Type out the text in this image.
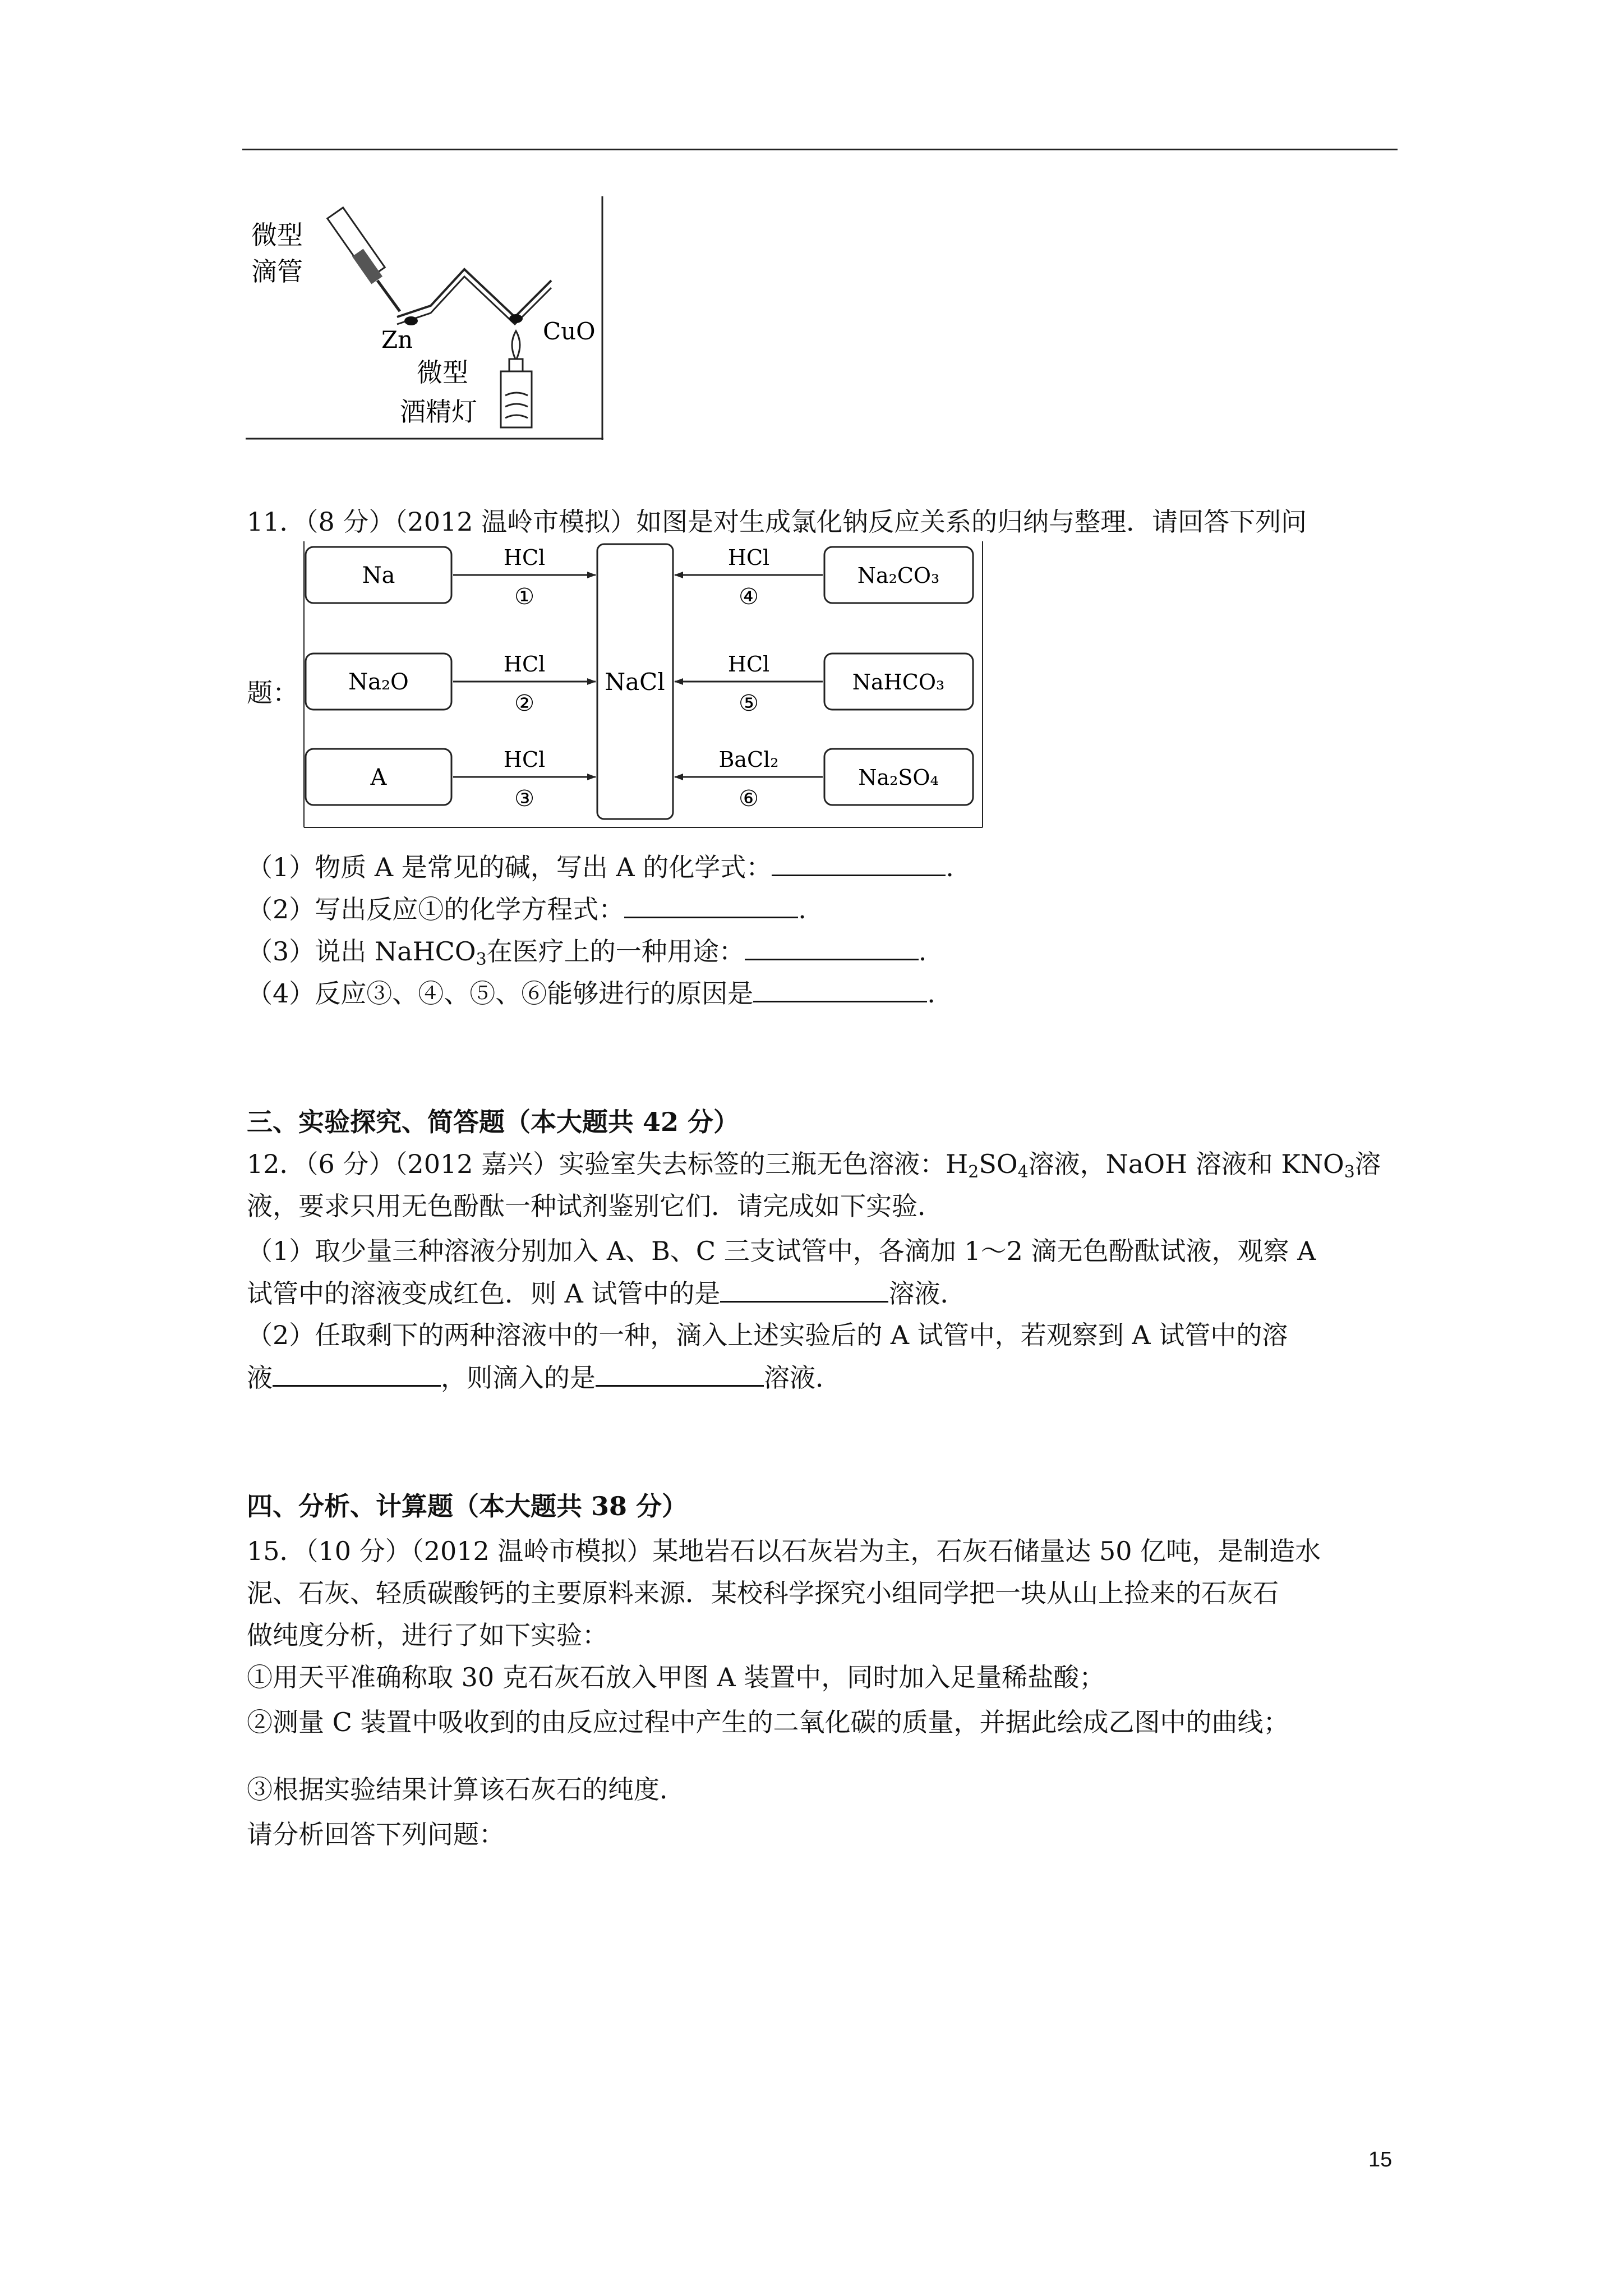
微型
滴管
Zn	CuO
微型
酒精灯
11．（8 分）（2012 温岭市模拟）如图是对生成氯化钠反应关系的归纳与整理．请回答下列问
题：
Na
HCl
①
Na₂CO₃
HCl
④
Na₂O
HCl
②
NaHCO₃
HCl
⑤
A
HCl
③
Na₂SO₄
BaCl₂
⑥
NaCl
（1）物质 A 是常见的碱，写出 A 的化学式：	.
（2）写出反应①的化学方程式：	.
（3）说出 NaHCO$_3$在医疗上的一种用途：	.
（4）反应③、④、⑤、⑥能够进行的原因是	.
三、实验探究、简答题（本大题共 42 分）
12．（6 分）（2012 嘉兴）实验室失去标签的三瓶无色溶液：$H_2SO_4$溶液，NaOH 溶液和 $KNO_3$溶
液，要求只用无色酚酞一种试剂鉴别它们．请完成如下实验．
（1）取少量三种溶液分别加入 A、B、C 三支试管中，各滴加 1～2 滴无色酚酞试液，观察 A
试管中的溶液变成红色．则 A 试管中的是	溶液．
（2）任取剩下的两种溶液中的一种，滴入上述实验后的 A 试管中，若观察到 A 试管中的溶
液	，则滴入的是	溶液．
四、分析、计算题（本大题共 38 分）
15．（10 分）（2012 温岭市模拟）某地岩石以石灰岩为主，石灰石储量达 50 亿吨，是制造水
泥、石灰、轻质碳酸钙的主要原料来源．某校科学探究小组同学把一块从山上捡来的石灰石
做纯度分析，进行了如下实验：
①用天平准确称取 30 克石灰石放入甲图 A 装置中，同时加入足量稀盐酸；
②测量 C 装置中吸收到的由反应过程中产生的二氧化碳的质量，并据此绘成乙图中的曲线；
③根据实验结果计算该石灰石的纯度．
请分析回答下列问题：
15
